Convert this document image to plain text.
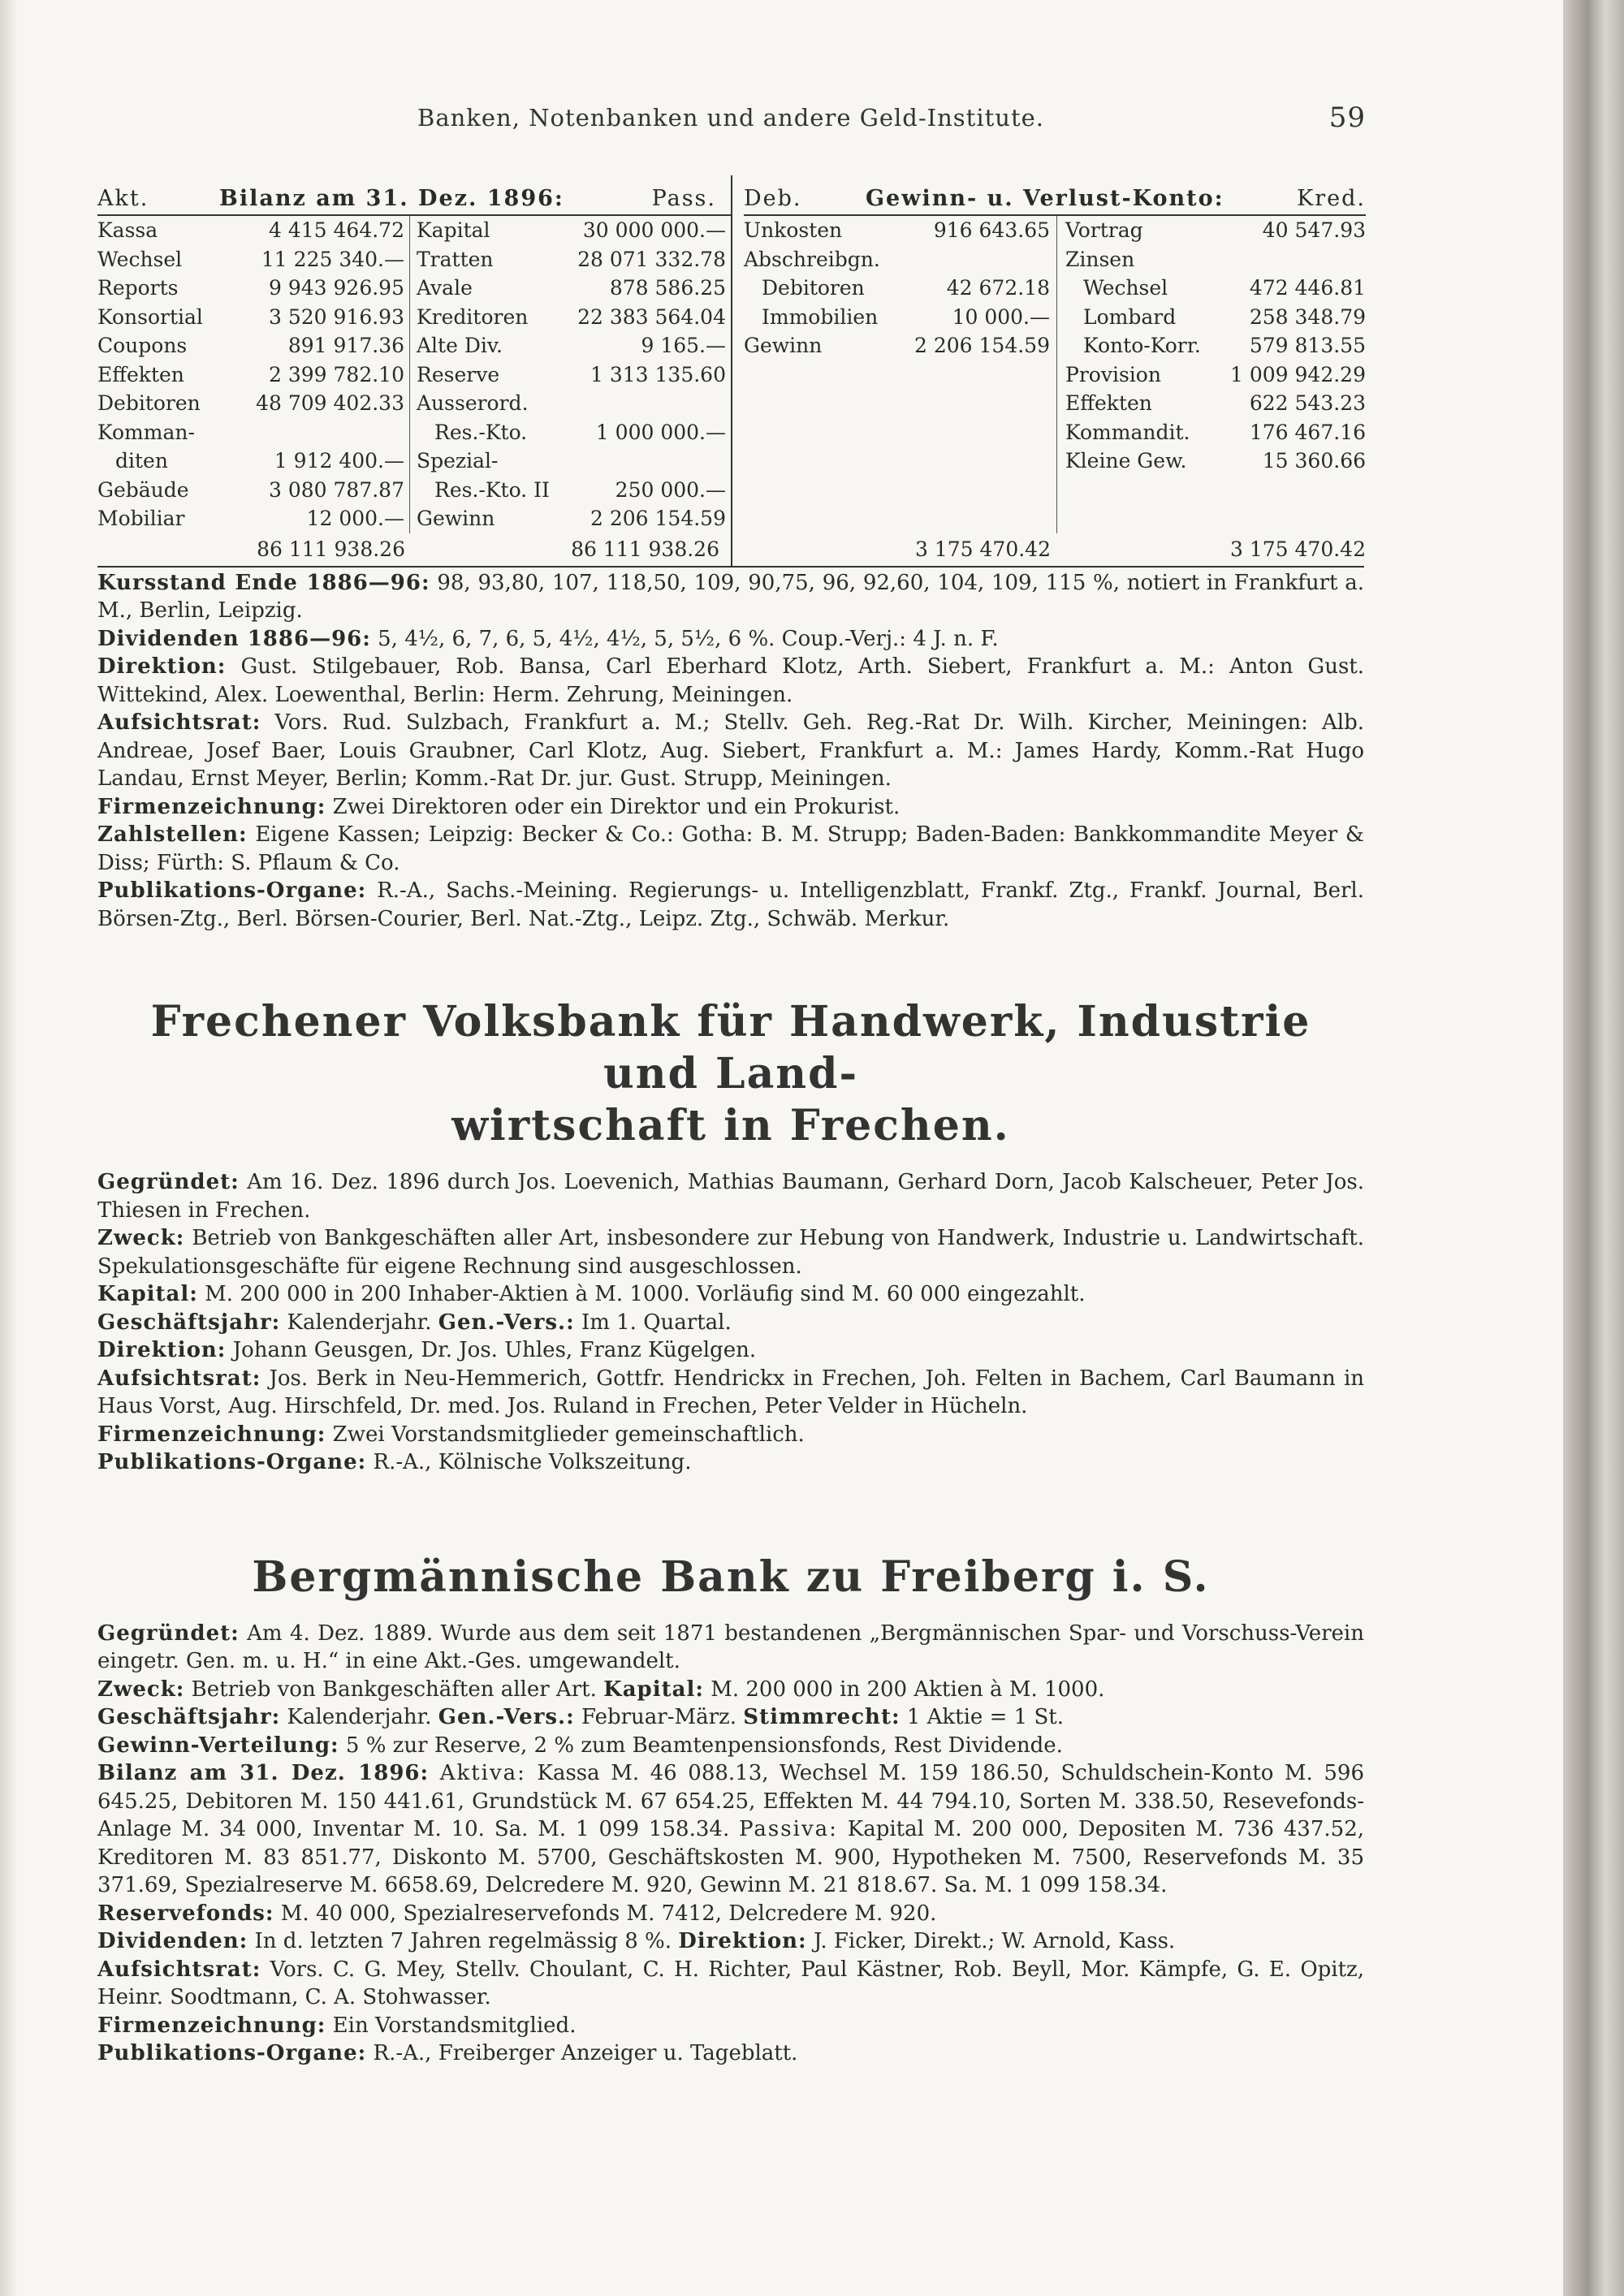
Banken, Notenbanken und andere Geld-Institute.	59
Akt.	Bilanz am 31. Dez. 1896:	Pass.
Kassa	4 415 464.72
Wechsel	11 225 340.—
Reports	9 943 926.95
Konsortial	3 520 916.93
Coupons	891 917.36
Effekten	2 399 782.10
Debitoren	48 709 402.33
Komman-
diten	1 912 400.—
Gebäude	3 080 787.87
Mobiliar	12 000.—
Kapital	30 000 000.—
Tratten	28 071 332.78
Avale	878 586.25
Kreditoren 22 383 564.04
Alte Div.	9 165.—
Reserve	1 313 135.60
Ausserord.
Res.-Kto.	1 000 000.—
Spezial-
Res.-Kto. II	250 000.—
Gewinn	2 206 154.59
86 111 938.26	86 111 938.26
Deb.	Gewinn- u. Verlust-Konto:	Kred.
Unkosten	916 643.65
Abschreibgn.
Debitoren	42 672.18
Immobilien	10 000.—
Gewinn	2 206 154.59
Vortrag	40 547.93
Zinsen
Wechsel	472 446.81
Lombard	258 348.79
Konto-Korr. 579 813.55
Provision	1 009 942.29
Effekten	622 543.23
Kommandit.	176 467.16
Kleine Gew.	15 360.66
3 175 470.42	3 175 470.42

Kursstand Ende 1886—96: 98, 93,80, 107, 118,50, 109, 90,75, 96, 92,60, 104, 109, 115 %, notiert in Frankfurt a. M., Berlin, Leipzig.

Dividenden 1886—96: 5, 4½, 6, 7, 6, 5, 4½, 4½, 5, 5½, 6 %. Coup.-Verj.: 4 J. n. F.

Direktion: Gust. Stilgebauer, Rob. Bansa, Carl Eberhard Klotz, Arth. Siebert, Frankfurt a. M.: Anton Gust. Wittekind, Alex. Loewenthal, Berlin: Herm. Zehrung, Meiningen.

Aufsichtsrat: Vors. Rud. Sulzbach, Frankfurt a. M.; Stellv. Geh. Reg.-Rat Dr. Wilh. Kircher, Meiningen: Alb. Andreae, Josef Baer, Louis Graubner, Carl Klotz, Aug. Siebert, Frankfurt a. M.: James Hardy, Komm.-Rat Hugo Landau, Ernst Meyer, Berlin; Komm.-Rat Dr. jur. Gust. Strupp, Meiningen.

Firmenzeichnung: Zwei Direktoren oder ein Direktor und ein Prokurist.

Zahlstellen: Eigene Kassen; Leipzig: Becker & Co.: Gotha: B. M. Strupp; Baden-Baden: Bankkommandite Meyer & Diss; Fürth: S. Pflaum & Co.

Publikations-Organe: R.-A., Sachs.-Meining. Regierungs- u. Intelligenzblatt, Frankf. Ztg., Frankf. Journal, Berl. Börsen-Ztg., Berl. Börsen-Courier, Berl. Nat.-Ztg., Leipz. Ztg., Schwäb. Merkur.

Frechener Volksbank für Handwerk, Industrie und Land-
wirtschaft in Frechen.

Gegründet: Am 16. Dez. 1896 durch Jos. Loevenich, Mathias Baumann, Gerhard Dorn, Jacob Kalscheuer, Peter Jos. Thiesen in Frechen.

Zweck: Betrieb von Bankgeschäften aller Art, insbesondere zur Hebung von Handwerk, Industrie u. Landwirtschaft. Spekulationsgeschäfte für eigene Rechnung sind ausgeschlossen.

Kapital: M. 200 000 in 200 Inhaber-Aktien à M. 1000. Vorläufig sind M. 60 000 eingezahlt.

Geschäftsjahr: Kalenderjahr. Gen.-Vers.: Im 1. Quartal.

Direktion: Johann Geusgen, Dr. Jos. Uhles, Franz Kügelgen.

Aufsichtsrat: Jos. Berk in Neu-Hemmerich, Gottfr. Hendrickx in Frechen, Joh. Felten in Bachem, Carl Baumann in Haus Vorst, Aug. Hirschfeld, Dr. med. Jos. Ruland in Frechen, Peter Velder in Hücheln.

Firmenzeichnung: Zwei Vorstandsmitglieder gemeinschaftlich.

Publikations-Organe: R.-A., Kölnische Volkszeitung.

Bergmännische Bank zu Freiberg i. S.

Gegründet: Am 4. Dez. 1889. Wurde aus dem seit 1871 bestandenen „Bergmännischen Spar- und Vorschuss-Verein eingetr. Gen. m. u. H.“ in eine Akt.-Ges. umgewandelt.

Zweck: Betrieb von Bankgeschäften aller Art. Kapital: M. 200 000 in 200 Aktien à M. 1000.

Geschäftsjahr: Kalenderjahr. Gen.-Vers.: Februar-März. Stimmrecht: 1 Aktie = 1 St.

Gewinn-Verteilung: 5 % zur Reserve, 2 % zum Beamtenpensionsfonds, Rest Dividende.

Bilanz am 31. Dez. 1896: Aktiva: Kassa M. 46 088.13, Wechsel M. 159 186.50, Schuldschein-Konto M. 596 645.25, Debitoren M. 150 441.61, Grundstück M. 67 654.25, Effekten M. 44 794.10, Sorten M. 338.50, Resevefonds-Anlage M. 34 000, Inventar M. 10. Sa. M. 1 099 158.34. Passiva: Kapital M. 200 000, Depositen M. 736 437.52, Kreditoren M. 83 851.77, Diskonto M. 5700, Geschäftskosten M. 900, Hypotheken M. 7500, Reservefonds M. 35 371.69, Spezialreserve M. 6658.69, Delcredere M. 920, Gewinn M. 21 818.67. Sa. M. 1 099 158.34.

Reservefonds: M. 40 000, Spezialreservefonds M. 7412, Delcredere M. 920.

Dividenden: In d. letzten 7 Jahren regelmässig 8 %. Direktion: J. Ficker, Direkt.; W. Arnold, Kass.

Aufsichtsrat: Vors. C. G. Mey, Stellv. Choulant, C. H. Richter, Paul Kästner, Rob. Beyll, Mor. Kämpfe, G. E. Opitz, Heinr. Soodtmann, C. A. Stohwasser.

Firmenzeichnung: Ein Vorstandsmitglied.

Publikations-Organe: R.-A., Freiberger Anzeiger u. Tageblatt.
